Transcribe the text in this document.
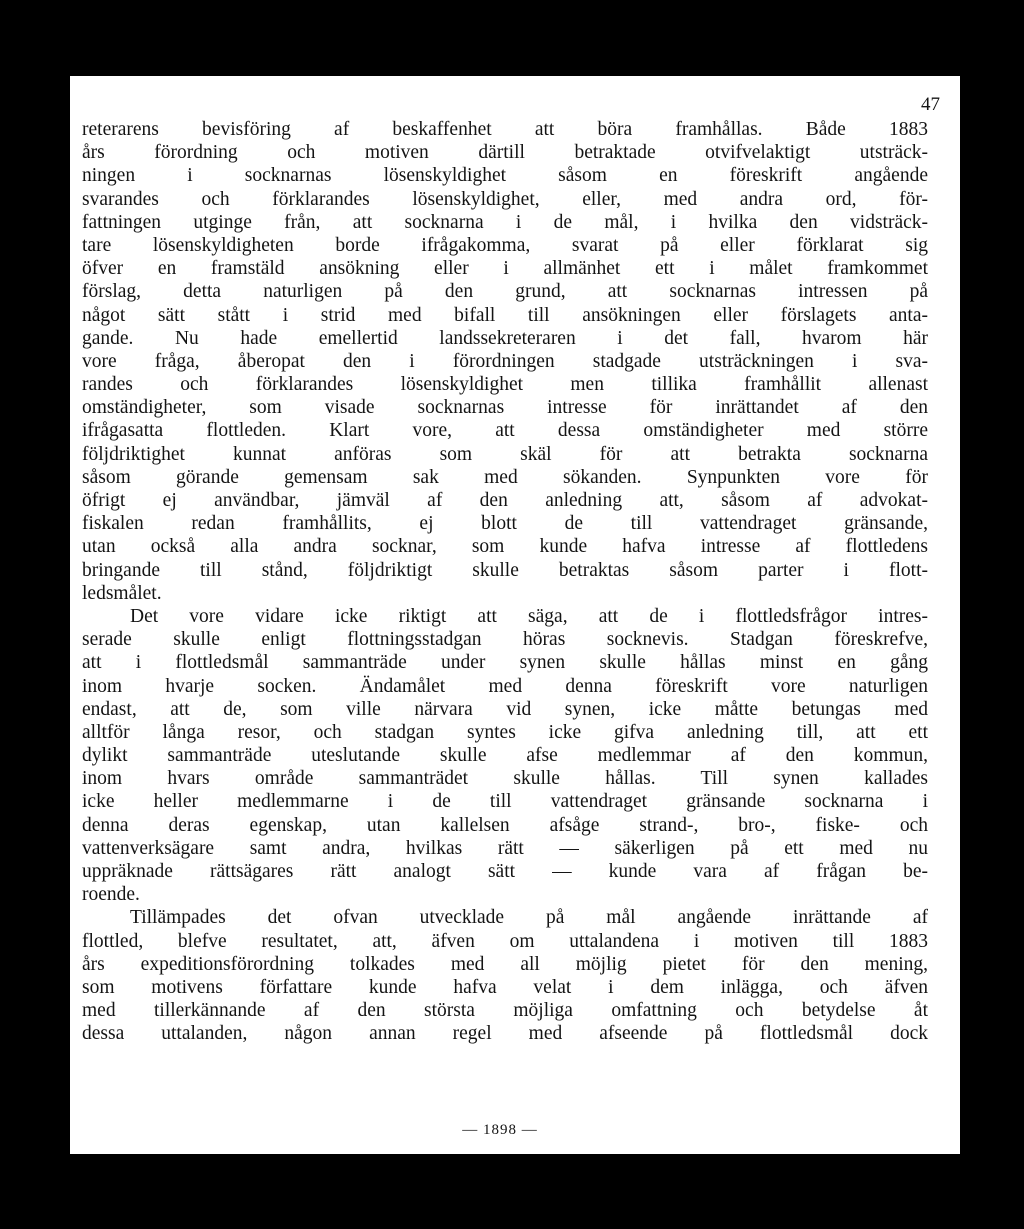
47
reterarens bevisföring af beskaffenhet att böra framhållas. Både 1883
års förordning och motiven därtill betraktade otvifvelaktigt utsträck-
ningen i socknarnas lösenskyldighet såsom en föreskrift angående
svarandes och förklarandes lösenskyldighet, eller, med andra ord, för-
fattningen utginge från, att socknarna i de mål, i hvilka den vidsträck-
tare lösenskyldigheten borde ifrågakomma, svarat på eller förklarat sig
öfver en framstäld ansökning eller i allmänhet ett i målet framkommet
förslag, detta naturligen på den grund, att socknarnas intressen på
något sätt stått i strid med bifall till ansökningen eller förslagets anta-
gande. Nu hade emellertid landssekreteraren i det fall, hvarom här
vore fråga, åberopat den i förordningen stadgade utsträckningen i sva-
randes och förklarandes lösenskyldighet men tillika framhållit allenast
omständigheter, som visade socknarnas intresse för inrättandet af den
ifrågasatta flottleden. Klart vore, att dessa omständigheter med större
följdriktighet kunnat anföras som skäl för att betrakta socknarna
såsom görande gemensam sak med sökanden. Synpunkten vore för
öfrigt ej användbar, jämväl af den anledning att, såsom af advokat-
fiskalen redan framhållits, ej blott de till vattendraget gränsande,
utan också alla andra socknar, som kunde hafva intresse af flottledens
bringande till stånd, följdriktigt skulle betraktas såsom parter i flott-
ledsmålet.
Det vore vidare icke riktigt att säga, att de i flottledsfrågor intres-
serade skulle enligt flottningsstadgan höras socknevis. Stadgan föreskrefve,
att i flottledsmål sammanträde under synen skulle hållas minst en gång
inom hvarje socken. Ändamålet med denna föreskrift vore naturligen
endast, att de, som ville närvara vid synen, icke måtte betungas med
alltför långa resor, och stadgan syntes icke gifva anledning till, att ett
dylikt sammanträde uteslutande skulle afse medlemmar af den kommun,
inom hvars område sammanträdet skulle hållas. Till synen kallades
icke heller medlemmarne i de till vattendraget gränsande socknarna i
denna deras egenskap, utan kallelsen afsåge strand-, bro-, fiske- och
vattenverksägare samt andra, hvilkas rätt — säkerligen på ett med nu
uppräknade rättsägares rätt analogt sätt — kunde vara af frågan be-
roende.
Tillämpades det ofvan utvecklade på mål angående inrättande af
flottled, blefve resultatet, att, äfven om uttalandena i motiven till 1883
års expeditionsförordning tolkades med all möjlig pietet för den mening,
som motivens författare kunde hafva velat i dem inlägga, och äfven
med tillerkännande af den största möjliga omfattning och betydelse åt
dessa uttalanden, någon annan regel med afseende på flottledsmål dock
— 1898 —
